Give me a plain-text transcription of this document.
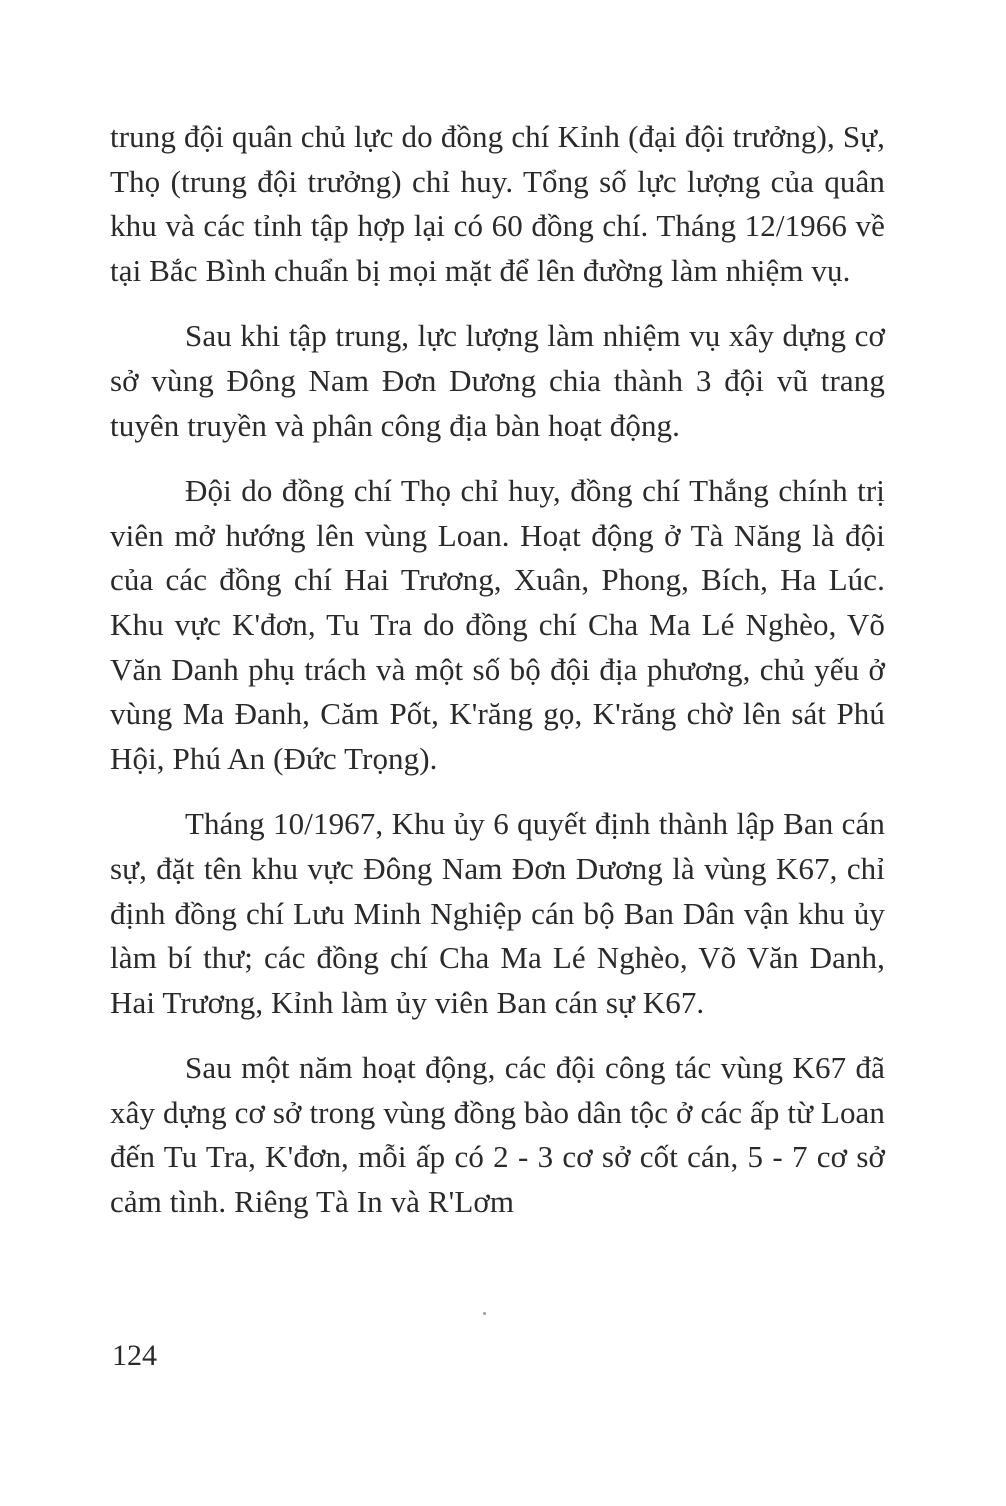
trung đội quân chủ lực do đồng chí Kỉnh (đại đội trưởng), Sự, Thọ (trung đội trưởng) chỉ huy. Tổng số lực lượng của quân khu và các tỉnh tập hợp lại có 60 đồng chí. Tháng 12/1966 về tại Bắc Bình chuẩn bị mọi mặt để lên đường làm nhiệm vụ.

Sau khi tập trung, lực lượng làm nhiệm vụ xây dựng cơ sở vùng Đông Nam Đơn Dương chia thành 3 đội vũ trang tuyên truyền và phân công địa bàn hoạt động.

Đội do đồng chí Thọ chỉ huy, đồng chí Thắng chính trị viên mở hướng lên vùng Loan. Hoạt động ở Tà Năng là đội của các đồng chí Hai Trương, Xuân, Phong, Bích, Ha Lúc. Khu vực K'đơn, Tu Tra do đồng chí Cha Ma Lé Nghèo, Võ Văn Danh phụ trách và một số bộ đội địa phương, chủ yếu ở vùng Ma Đanh, Căm Pốt, K'răng gọ, K'răng chờ lên sát Phú Hội, Phú An (Đức Trọng).

Tháng 10/1967, Khu ủy 6 quyết định thành lập Ban cán sự, đặt tên khu vực Đông Nam Đơn Dương là vùng K67, chỉ định đồng chí Lưu Minh Nghiệp cán bộ Ban Dân vận khu ủy làm bí thư; các đồng chí Cha Ma Lé Nghèo, Võ Văn Danh, Hai Trương, Kỉnh làm ủy viên Ban cán sự K67.

Sau một năm hoạt động, các đội công tác vùng K67 đã xây dựng cơ sở trong vùng đồng bào dân tộc ở các ấp từ Loan đến Tu Tra, K'đơn, mỗi ấp có 2 - 3 cơ sở cốt cán, 5 - 7 cơ sở cảm tình. Riêng Tà In và R'Lơm

124
